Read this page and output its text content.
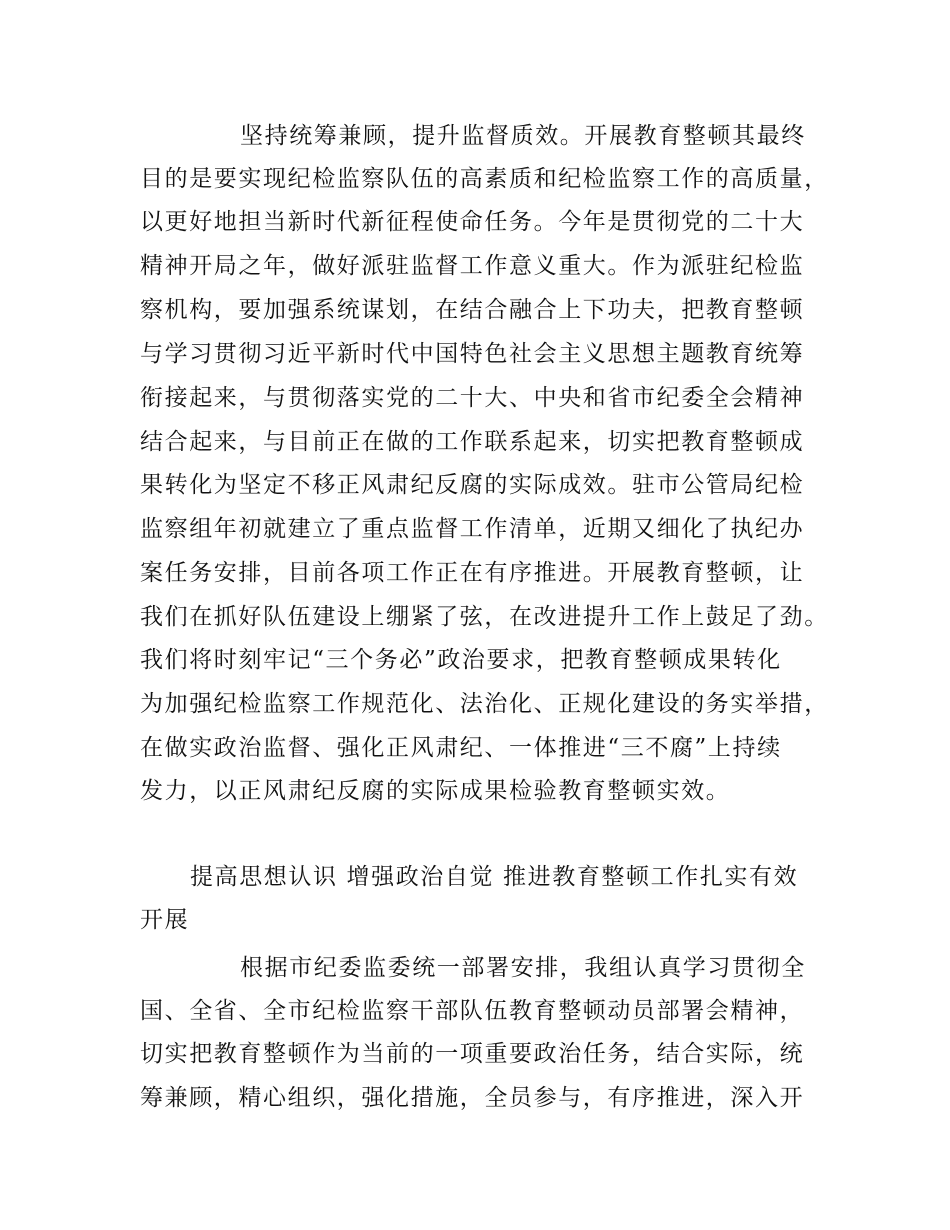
坚持统筹兼顾，提升监督质效。开展教育整顿其最终
目的是要实现纪检监察队伍的高素质和纪检监察工作的高质量，
以更好地担当新时代新征程使命任务。今年是贯彻党的二十大
精神开局之年，做好派驻监督工作意义重大。作为派驻纪检监
察机构，要加强系统谋划，在结合融合上下功夫，把教育整顿
与学习贯彻习近平新时代中国特色社会主义思想主题教育统筹
衔接起来，与贯彻落实党的二十大、中央和省市纪委全会精神
结合起来，与目前正在做的工作联系起来，切实把教育整顿成
果转化为坚定不移正风肃纪反腐的实际成效。驻市公管局纪检
监察组年初就建立了重点监督工作清单，近期又细化了执纪办
案任务安排，目前各项工作正在有序推进。开展教育整顿，让
我们在抓好队伍建设上绷紧了弦，在改进提升工作上鼓足了劲。
我们将时刻牢记“三个务必”政治要求，把教育整顿成果转化
为加强纪检监察工作规范化、法治化、正规化建设的务实举措，
在做实政治监督、强化正风肃纪、一体推进“三不腐”上持续
发力，以正风肃纪反腐的实际成果检验教育整顿实效。
提高思想认识 增强政治自觉 推进教育整顿工作扎实有效
开展
根据市纪委监委统一部署安排，我组认真学习贯彻全
国、全省、全市纪检监察干部队伍教育整顿动员部署会精神，
切实把教育整顿作为当前的一项重要政治任务，结合实际，统
筹兼顾，精心组织，强化措施，全员参与，有序推进，深入开
